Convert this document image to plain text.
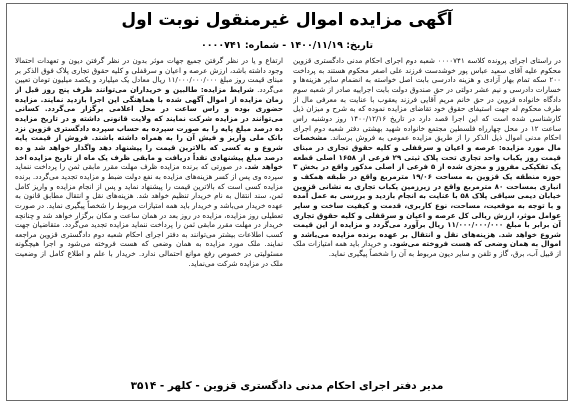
آگهی مزایده اموال غیرمنقول نوبت اول
تاریخ: ۱۴۰۰/۱۱/۱۹ - شماره: ۰۰۰۰۷۴۱
در راستای اجرای پرونده کلاسه ۰۰۰۰۷۴۱ شعبه دوم اجرای احکام مدنی دادگستری قزوین محکوم علیه آقای سعید عباس پور خوشدست فرزند علی اصغر محکوم هستند به پرداخت ۲۰۰ سکه تمام بهار آزادی و هزینه دادرسی بابت اصل خواسته به انضمام سایر هزینه‌ها و خسارات دادرسی و نیم عشر دولتی در حق صندوق دولت بابت اجراییه صادر از شعبه سوم دادگاه خانواده قزوین در حق خانم مریم آقایی فرزند یعقوب با عنایت به معرفی مال از طرف محکوم له جهت استیفای حقوق خود تقاضای مزایده نموده که به شرح و میزان ذیل کارشناسی شده است که این اجرا قصد دارد در تاریخ ۱۴۰۰/۱۲/۱۶ روز دوشنبه راس ساعت ۱۲ در محل چهارراه فلسطین مجتمع خانواده شهید بهشتی دفتر شعبه دوم اجرای احکام مدنی اموال ذیل الذکر را از طریق مزایده عمومی به فروش برساند. مشخصات مال مورد مزایده: عرصه و اعیان و سرقفلی و کلیه حقوق تجاری در مبنای قیمت روز یکباب واحد تجاری تحت پلاک ثبتی ۲۹ فرعی از ۱۶۵۸ اصلی قطعه یک تفکیکی مفروز و مجزی شده از ۵ فرعی از اصلی مذکور واقع در بخش ۳ حوزه منطقه یک قزوین به مساحت ۱۹/۰۶ مترمربع واقع در طبقه همکف و انباری بمساحت ۸۰ مترمربع واقع در زیرزمین یکباب تجاری به نشانی قزوین خیابان دیمی سیاقی پلاک ۵۸ با عنایت به انجام بازدید و بررسی به عمل آمده و با توجه به موقعیت، مساحت، نوع کاربری، قدمت و کیفیت ساخت و سایر عوامل موثر، ارزش ریالی کل عرصه و اعیان و سرقفلی و کلیه حقوق تجاری آن برابر با مبلغ ۱۱/۰۰۰/۰۰۰/۰۰۰ ریال برآورد می‌گردد و مزایده از این قیمت شروع خواهد شد. هزینه‌های نقل و انتقال بر عهده برنده مزایده می‌باشد و اموال به همان وضعی که هست فروخته می‌شود. و خریدار باید همه امتیازات ملک از قبیل آب، برق، گاز و تلفن و سایر دیون مربوط به آن را شخصاً پیگیری نماید.
ارتفاع و یا در نظر گرفتن جمیع جهات موثر بدون در نظر گرفتن دیون و تعهدات احتمالا وجود داشته باشد، ارزش عرصه و اعیان و سرقفلی و کلیه حقوق تجاری پلاک فوق الذکر بر مبنای قیمت روز مبلغ ۱۱/۰۰۰/۰۰۰/۰۰۰ ریال معادل یک میلیارد و یکصد میلیون تومان تعیین می‌گردد. شرایط مزایده: طالبین و خریداران می‌توانند ظرف پنج روز قبل از زمان مزایده از اموال آگهی شده با هماهنگی این اجرا بازدید نمایند. مزایده حضوری بوده و راس ساعت در محل اعلامی برگزار می‌گردد. کسانی می‌توانند در مزایده شرکت نمایند که ولایت قانونی داشته و در تاریخ مزایده ده درصد مبلغ پایه را به صورت سپرده به حساب سپرده دادگستری قزوین نزد بانک ملی واریز و فیش آن را به همراه داشته باشند. فروش از قیمت پایه شروع و به کسی که بالاترین قیمت را پیشنهاد دهد واگذار خواهد شد و ده درصد مبلغ پیشنهادی نقداً دریافت و مابقی ظرف یک ماه از تاریخ مزایده اخذ خواهد شد. در صورتی که برنده مزایده ظرف مهلت مقرر مابقی ثمن را پرداخت ننماید سپرده وی پس از کسر هزینه‌های مزایده به نفع دولت ضبط و مزایده تجدید می‌گردد. برنده مزایده کسی است که بالاترین قیمت را پیشنهاد نماید و پس از انجام مزایده و واریز کامل ثمن، سند انتقال به نام خریدار تنظیم خواهد شد. هزینه‌های نقل و انتقال مطابق قانون به عهده خریدار می‌باشد و خریدار باید همه امتیازات مربوط را شخصاً پیگیری نماید. در صورت تعطیلی روز مزایده، مزایده در روز بعد در همان ساعت و مکان برگزار خواهد شد و چنانچه خریدار در مهلت مقرر مابقی ثمن را پرداخت ننماید مزایده تجدید می‌گردد. متقاضیان جهت کسب اطلاعات بیشتر می‌توانند به دفتر اجرای احکام شعبه دوم دادگستری قزوین مراجعه نمایند. ملک مورد مزایده به همان وضعی که هست فروخته می‌شود و اجرا هیچگونه مسئولیتی در خصوص رفع موانع احتمالی ندارد. خریدار با علم و اطلاع کامل از وضعیت ملک در مزایده شرکت می‌نماید.
مدیر دفتر اجرای احکام مدنی دادگستری قزوین - کلهر - ۳۵۱۴
